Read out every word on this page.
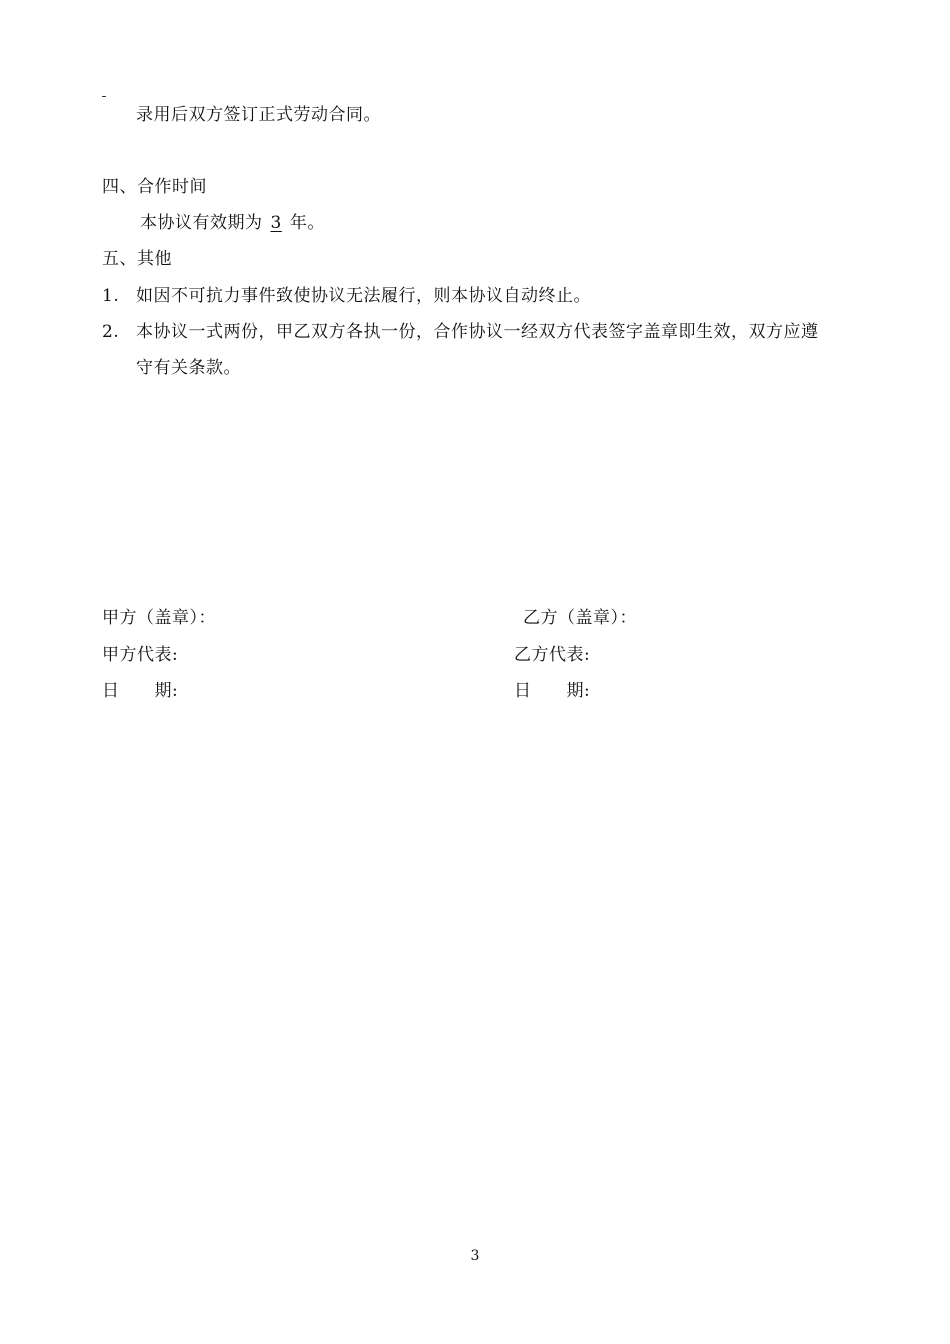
录用后双方签订正式劳动合同。
四、合作时间
本协议有效期为 3 年。
五、其他
1. 如因不可抗力事件致使协议无法履行，则本协议自动终止。
2. 本协议一式两份，甲乙双方各执一份，合作协议一经双方代表签字盖章即生效，双方应遵
守有关条款。
甲方（盖章）：	乙方（盖章）：
甲方代表:	乙方代表:
日　　期:	日　　期:
3
